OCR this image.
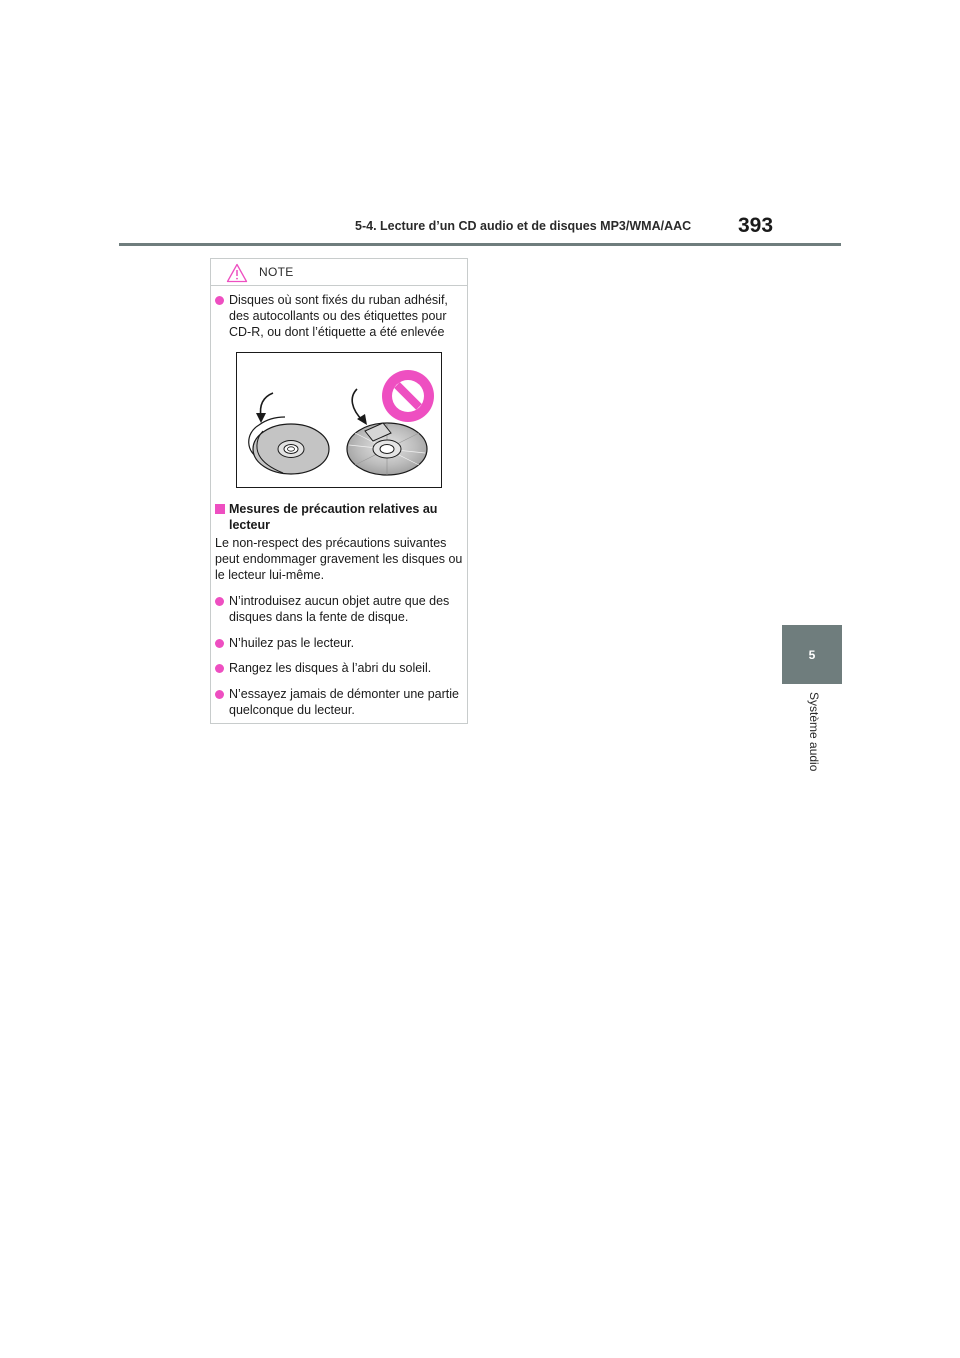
5-4. Lecture d’un CD audio et de disques MP3/WMA/AAC 393
5
Système audio
NOTE
Disques où sont fixés du ruban adhésif, des autocollants ou des étiquettes pour CD-R, ou dont l’étiquette a été enlevée
Mesures de précaution relatives au lecteur
Le non-respect des précautions suivantes peut endommager gravement les disques ou le lecteur lui-même.
N’introduisez aucun objet autre que des disques dans la fente de disque.
N’huilez pas le lecteur.
Rangez les disques à l’abri du soleil.
N’essayez jamais de démonter une partie quelconque du lecteur.
